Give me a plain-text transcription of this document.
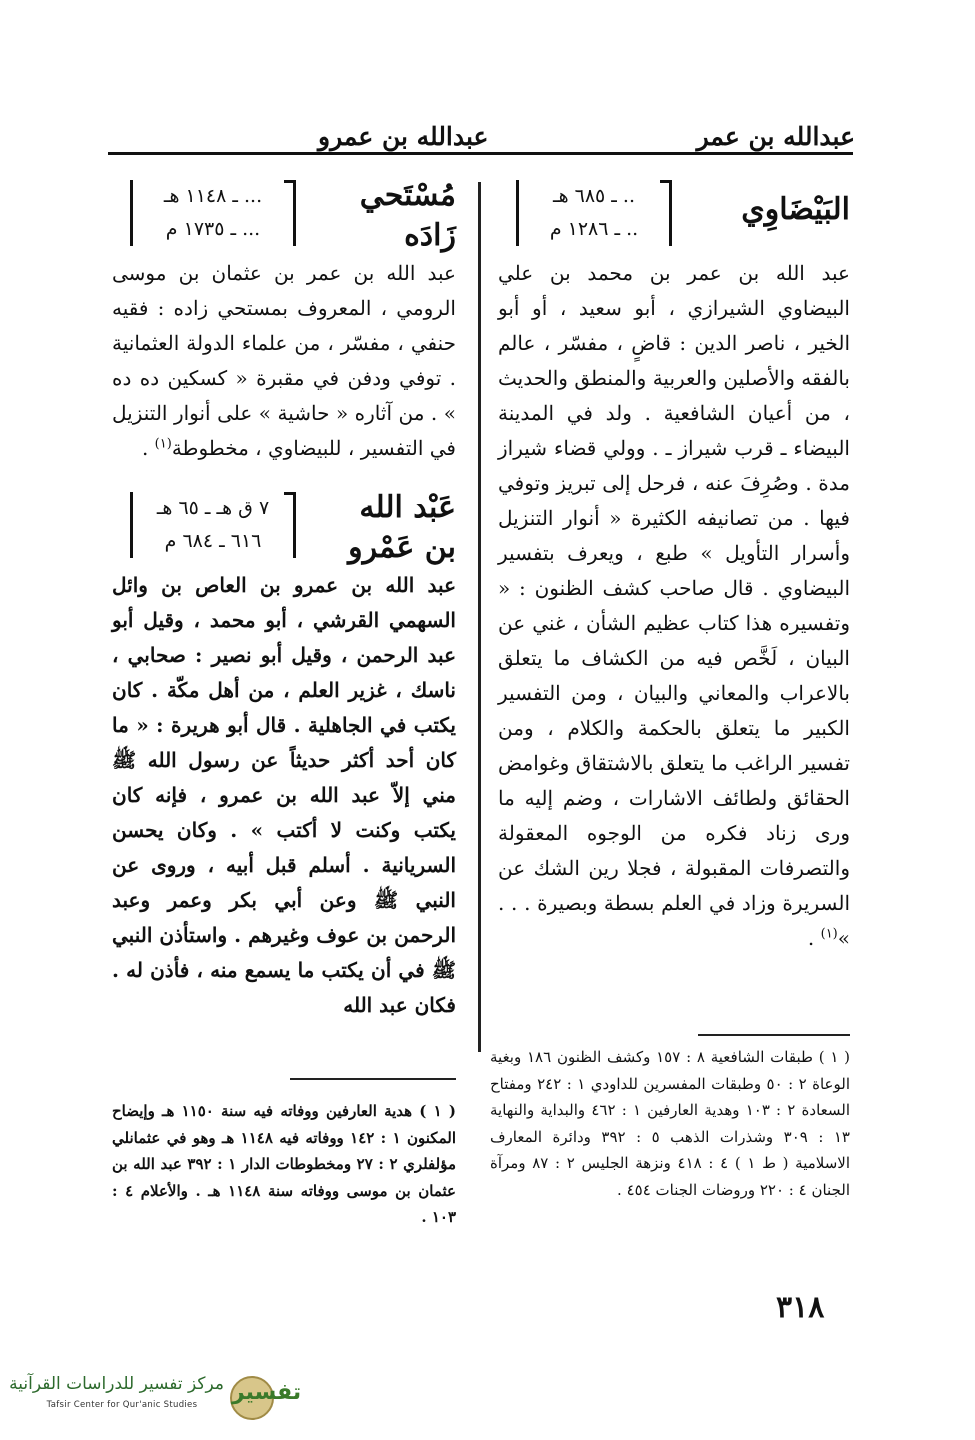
عبدالله بن عمر
عبدالله بن عمرو
البَيْضَاوِي
.. ـ ٦٨٥ هـ
.. ـ ١٢٨٦ م

عبد الله بن عمر بن محمد بن علي البيضاوي الشيرازي ، أبو سعيد ، أو أبو الخير ، ناصر الدين : قاضٍ ، مفسّر ، عالم بالفقه والأصلين والعربية والمنطق والحديث ، من أعيان الشافعية . ولد في المدينة البيضاء ـ قرب شيراز ـ . وولي قضاء شيراز مدة . وصُرِفَ عنه ، فرحل إلى تبريز وتوفي فيها . من تصانيفه الكثيرة « أنوار التنزيل وأسرار التأويل » طبع ، ويعرف بتفسير البيضاوي . قال صاحب كشف الظنون : « وتفسيره هذا كتاب عظيم الشأن ، غني عن البيان ، لَخَّص فيه من الكشاف ما يتعلق بالاعراب والمعاني والبيان ، ومن التفسير الكبير ما يتعلق بالحكمة والكلام ، ومن تفسير الراغب ما يتعلق بالاشتقاق وغوامض الحقائق ولطائف الاشارات ، وضم إليه ما ورى زناد فكره من الوجوه المعقولة والتصرفات المقبولة ، فجلا رين الشك عن السريرة وزاد في العلم بسطة وبصيرة . . . »$^{(١)}$ .

مُسْتَحي
زَادَه
... ـ ١١٤٨ هـ
... ـ ١٧٣٥ م

عبد الله بن عمر بن عثمان بن موسى الرومي ، المعروف بمستحي زاده : فقيه حنفي ، مفسّر ، من علماء الدولة العثمانية . توفي ودفن في مقبرة « كسكين ده ده » . من آثاره « حاشية » على أنوار التنزيل في التفسير ، للبيضاوي ، مخطوطة$^{(١)}$ .

عَبْد الله
بن عَمْرو
٧ ق هـ ـ ٦٥ هـ
٦١٦ ـ ٦٨٤ م

عبد الله بن عمرو بن العاص بن وائل السهمي القرشي ، أبو محمد ، وقيل أبو عبد الرحمن ، وقيل أبو نصير : صحابي ، ناسك ، غزير العلم ، من أهل مكّة . كان يكتب في الجاهلية . قال أبو هريرة : « ما كان أحد أكثر حديثاً عن رسول الله ﷺ مني إلاّ عبد الله بن عمرو ، فإنه كان يكتب وكنت لا أكتب » . وكان يحسن السريانية . أسلم قبل أبيه ، وروى عن النبي ﷺ وعن أبي بكر وعمر وعبد الرحمن بن عوف وغيرهم . واستأذن النبي ﷺ في أن يكتب ما يسمع منه ، فأذن له . فكان عبد الله

( ١ ) طبقات الشافعية ٨ : ١٥٧ وكشف الظنون ١٨٦ وبغية الوعاة ٢ : ٥٠ وطبقات المفسرين للداودي ١ : ٢٤٢ ومفتاح السعادة ٢ : ١٠٣ وهدية العارفين ١ : ٤٦٢ والبداية والنهاية ١٣ : ٣٠٩ وشذرات الذهب ٥ : ٣٩٢ ودائرة المعارف الاسلامية ( ط ١ ) ٤ : ٤١٨ ونزهة الجليس ٢ : ٨٧ ومرآة الجنان ٤ : ٢٢٠ وروضات الجنات ٤٥٤ .
( ١ ) هدية العارفين ووفاته فيه سنة ١١٥٠ هـ وإيضاح المكنون ١ : ١٤٢ ووفاته فيه ١١٤٨ هـ وهو في عثمانلي مؤلفلري ٢ : ٢٧ ومخطوطات الدار ١ : ٣٩٢ عبد الله بن عثمان بن موسى ووفاته سنة ١١٤٨ هـ . والأعلام ٤ : ١٠٣ .
٣١٨
تفسير
مركز تفسير للدراسات القرآنية
Tafsir Center for Qur'anic Studies
